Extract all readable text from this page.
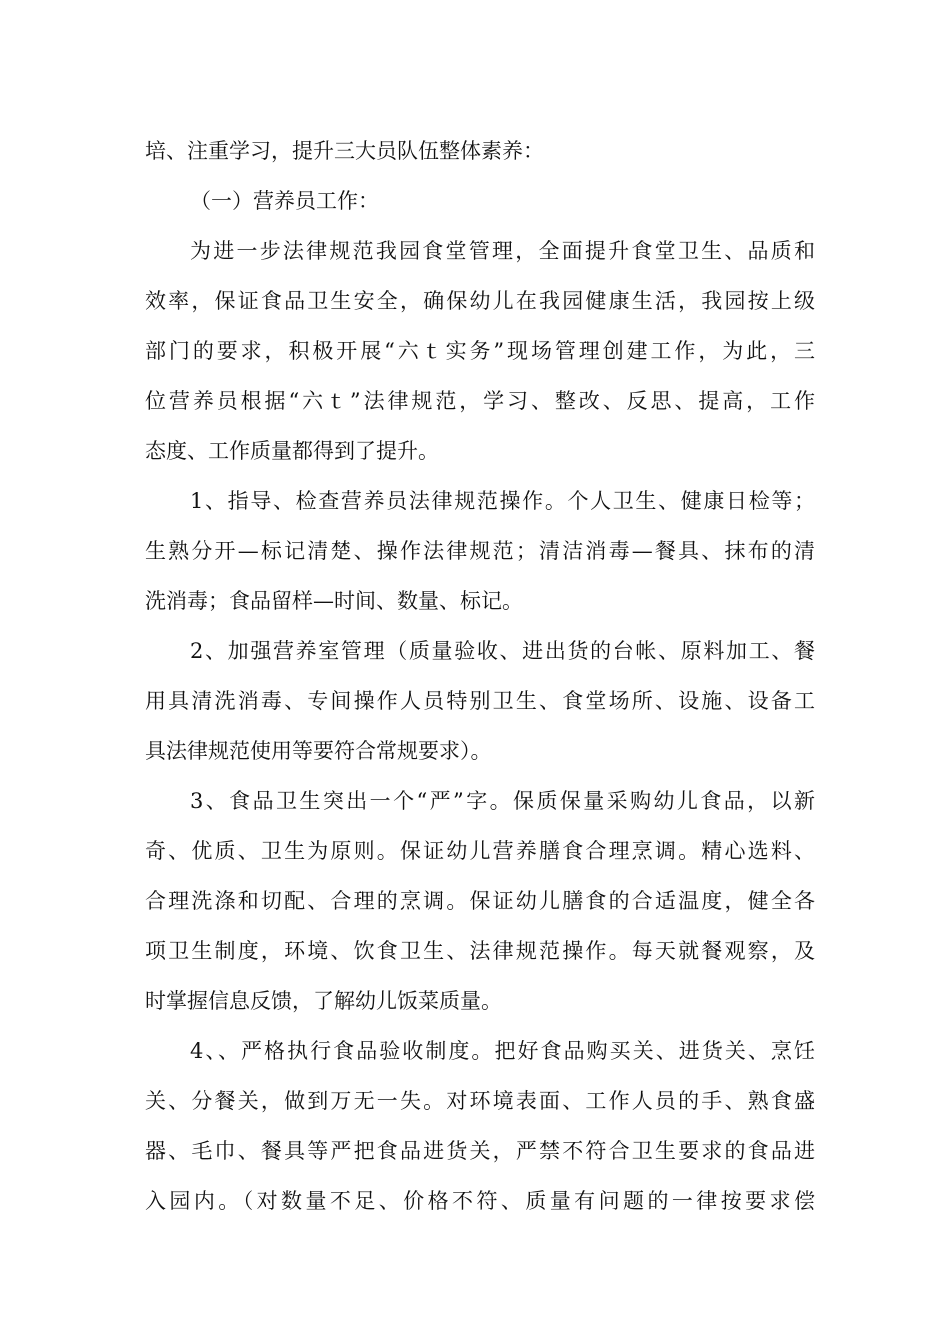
培、注重学习，提升三大员队伍整体素养：
（一）营养员工作：
为进一步法律规范我园食堂管理，全面提升食堂卫生、品质和
效率，保证食品卫生安全，确保幼儿在我园健康生活，我园按上级
部门的要求，积极开展“六ｔ实务”现场管理创建工作，为此，三
位营养员根据“六ｔ”法律规范，学习、整改、反思、提高，工作
态度、工作质量都得到了提升。
1、指导、检查营养员法律规范操作。个人卫生、健康日检等；
生熟分开—标记清楚、操作法律规范；清洁消毒—餐具、抹布的清
洗消毒；食品留样—时间、数量、标记。
2、加强营养室管理（质量验收、进出货的台帐、原料加工、餐
用具清洗消毒、专间操作人员特别卫生、食堂场所、设施、设备工
具法律规范使用等要符合常规要求）。
3、食品卫生突出一个“严”字。保质保量采购幼儿食品，以新
奇、优质、卫生为原则。保证幼儿营养膳食合理烹调。精心选料、
合理洗涤和切配、合理的烹调。保证幼儿膳食的合适温度，健全各
项卫生制度，环境、饮食卫生、法律规范操作。每天就餐观察，及
时掌握信息反馈，了解幼儿饭菜质量。
4、、严格执行食品验收制度。把好食品购买关、进货关、烹饪
关、分餐关，做到万无一失。对环境表面、工作人员的手、熟食盛
器、毛巾、餐具等严把食品进货关，严禁不符合卫生要求的食品进
入园内。（对数量不足、价格不符、质量有问题的一律按要求偿
